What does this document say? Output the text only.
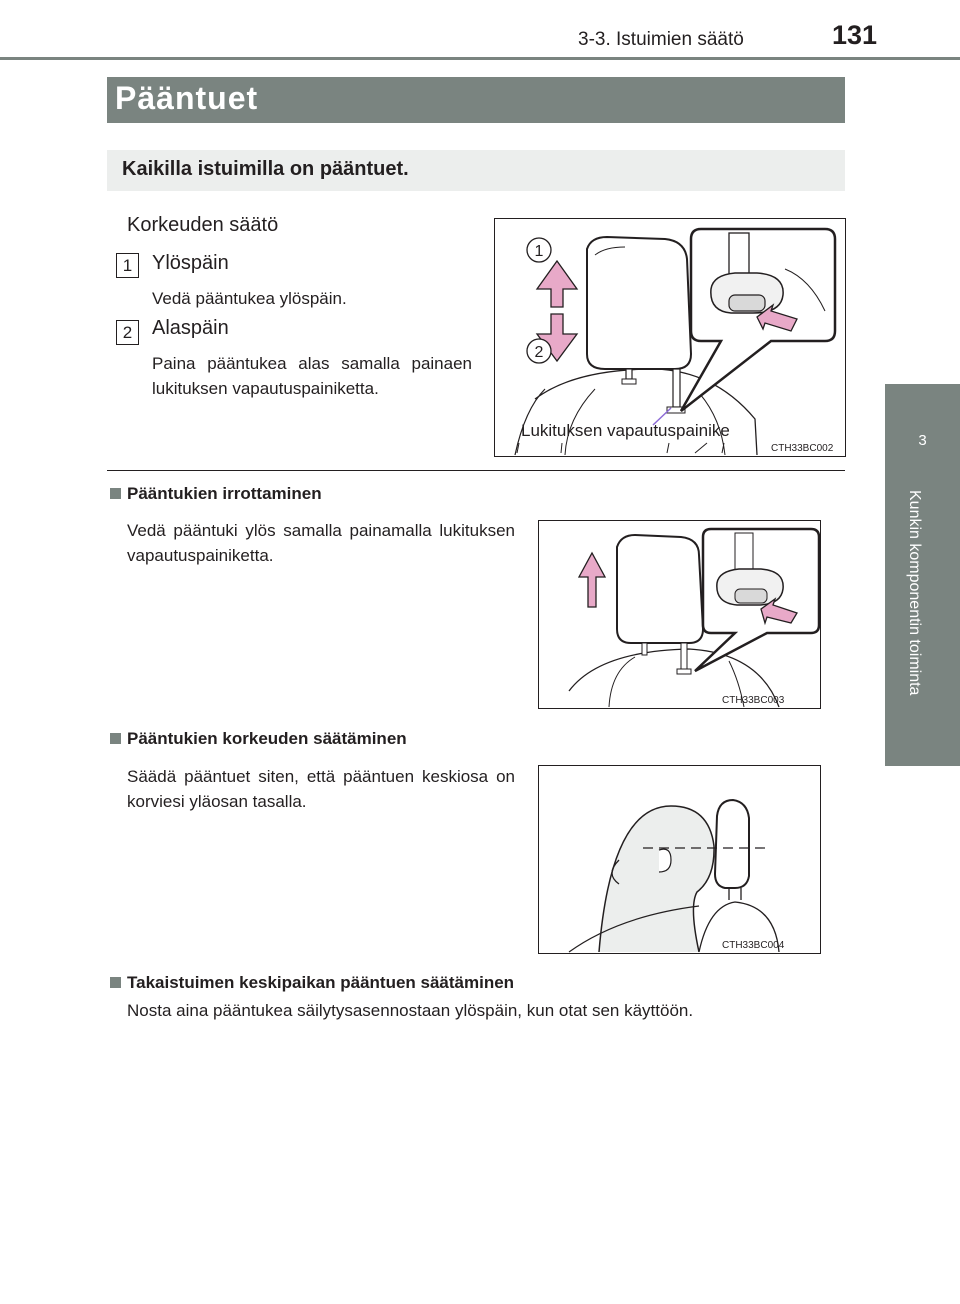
3-3. Istuimien säätö	131
3
Kunkin komponentin toiminta
Pääntuet
Kaikilla istuimilla on pääntuet.
Korkeuden säätö
1 Ylöspäin
Vedä pääntukea ylöspäin.
2 Alaspäin
Paina pääntukea alas samalla painaen lukituksen vapautuspainiketta.
1
2
Lukituksen vapautuspainike
CTH33BC002
Pääntukien irrottaminen
Vedä pääntuki ylös samalla painamalla lukituksen vapautuspainiketta.
CTH33BC003
Pääntukien korkeuden säätäminen
Säädä pääntuet siten, että pääntuen keskiosa on korviesi yläosan tasalla.
CTH33BC004
Takaistuimen keskipaikan pääntuen säätäminen
Nosta aina pääntukea säilytysasennostaan ylöspäin, kun otat sen käyttöön.
